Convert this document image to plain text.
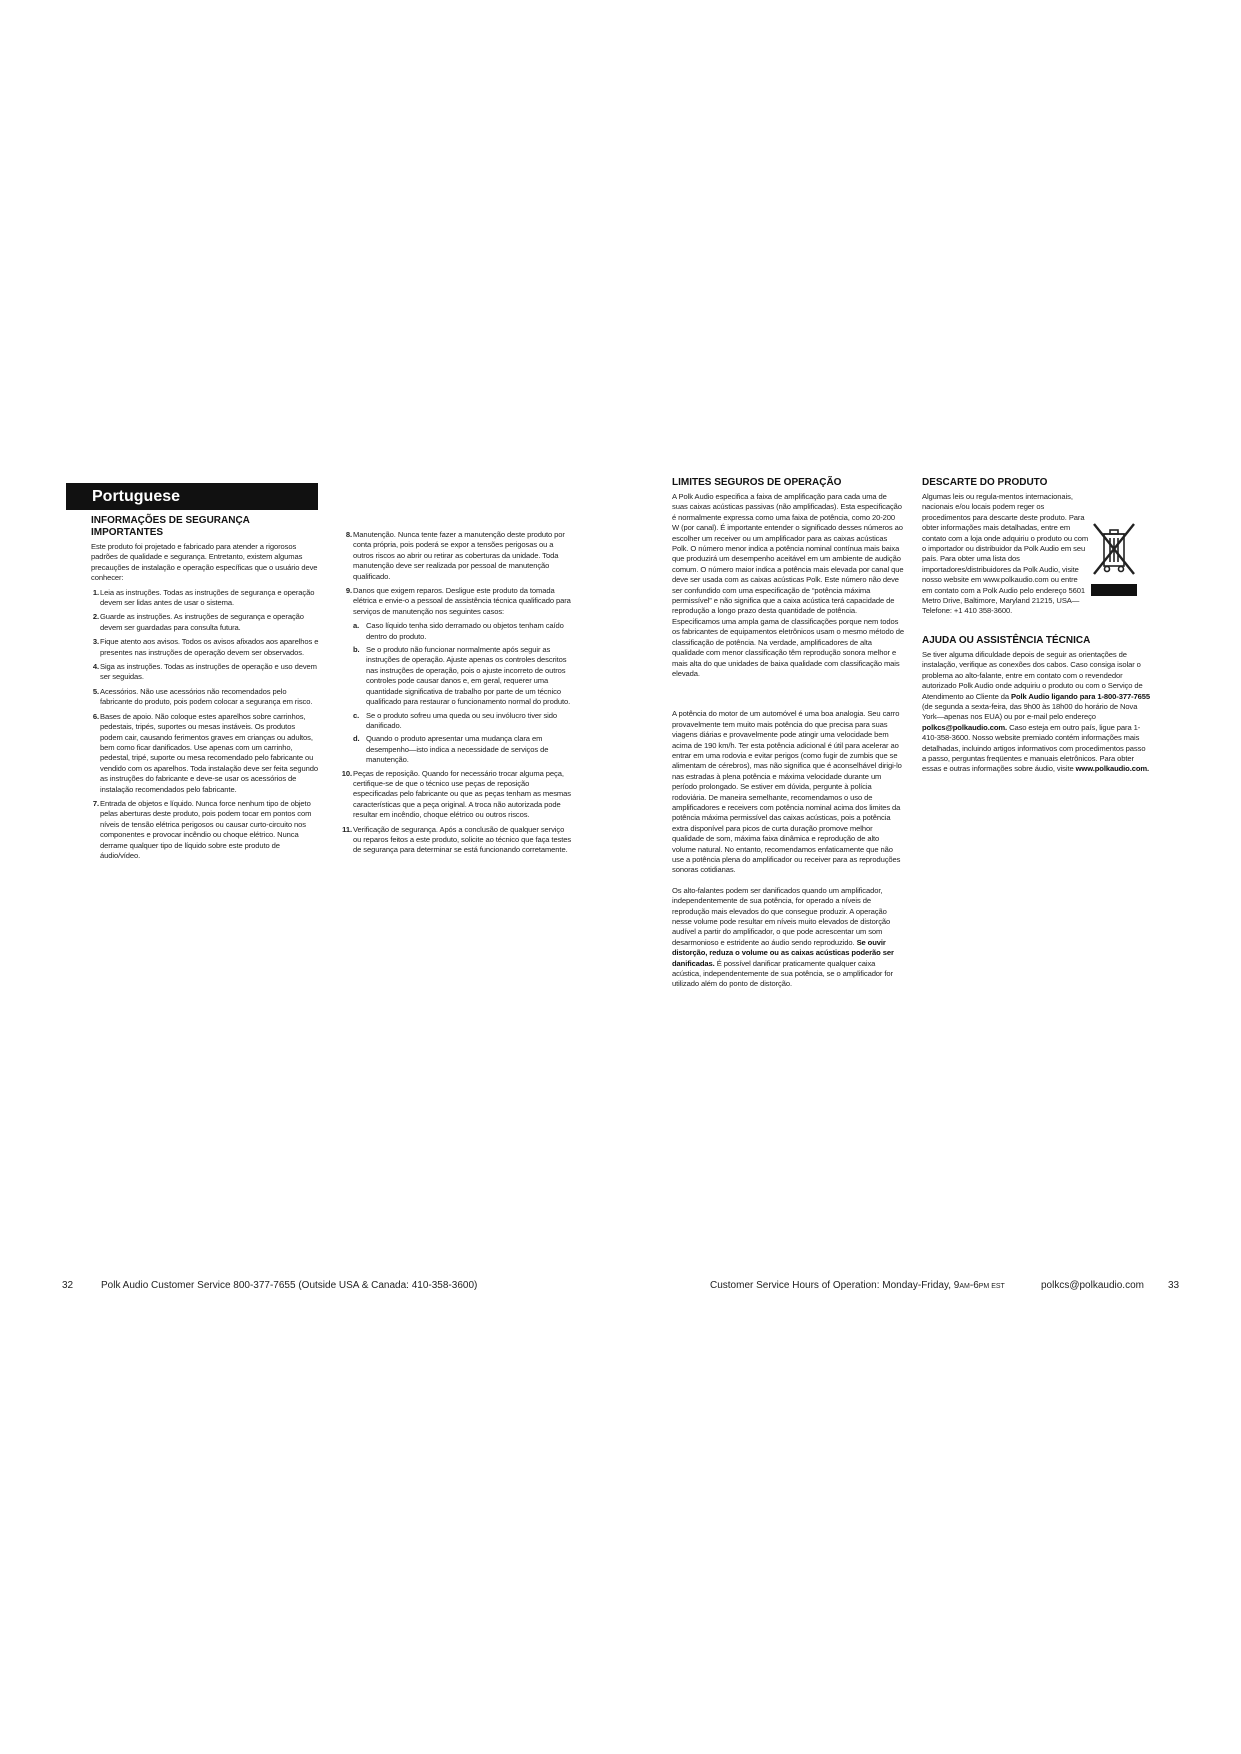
Portuguese
INFORMAÇÕES DE SEGURANÇA IMPORTANTES

Este produto foi projetado e fabricado para atender a rigorosos padrões de qualidade e segurança. Entretanto, existem algumas precauções de instalação e operação específicas que o usuário deve conhecer:

1. Leia as instruções. Todas as instruções de segurança e operação devem ser lidas antes de usar o sistema.
2. Guarde as instruções. As instruções de segurança e operação devem ser guardadas para consulta futura.
3. Fique atento aos avisos. Todos os avisos afixados aos aparelhos e presentes nas instruções de operação devem ser observados.
4. Siga as instruções. Todas as instruções de operação e uso devem ser seguidas.
5. Acessórios. Não use acessórios não recomendados pelo fabricante do produto, pois podem colocar a segurança em risco.
6. Bases de apoio. Não coloque estes aparelhos sobre carrinhos, pedestais, tripés, suportes ou mesas instáveis. Os produtos podem cair, causando ferimentos graves em crianças ou adultos, bem como ficar danificados. Use apenas com um carrinho, pedestal, tripé, suporte ou mesa recomendado pelo fabricante ou vendido com os aparelhos. Toda instalação deve ser feita segundo as instruções do fabricante e deve-se usar os acessórios de instalação recomendados pelo fabricante.
7. Entrada de objetos e líquido. Nunca force nenhum tipo de objeto pelas aberturas deste produto, pois podem tocar em pontos com níveis de tensão elétrica perigosos ou causar curto-circuito nos componentes e provocar incêndio ou choque elétrico. Nunca derrame qualquer tipo de líquido sobre este produto de áudio/vídeo.
8. Manutenção. Nunca tente fazer a manutenção deste produto por conta própria, pois poderá se expor a tensões perigosas ou a outros riscos ao abrir ou retirar as coberturas da unidade. Toda manutenção deve ser realizada por pessoal de manutenção qualificado.
9. Danos que exigem reparos. Desligue este produto da tomada elétrica e envie-o a pessoal de assistência técnica qualificado para serviços de manutenção nos seguintes casos:
a. Caso líquido tenha sido derramado ou objetos tenham caído dentro do produto.
b. Se o produto não funcionar normalmente após seguir as instruções de operação. Ajuste apenas os controles descritos nas instruções de operação, pois o ajuste incorreto de outros controles pode causar danos e, em geral, requerer uma quantidade significativa de trabalho por parte de um técnico qualificado para restaurar o funcionamento normal do produto.
c. Se o produto sofreu uma queda ou seu invólucro tiver sido danificado.
d. Quando o produto apresentar uma mudança clara em desempenho—isto indica a necessidade de serviços de manutenção.
10. Peças de reposição. Quando for necessário trocar alguma peça, certifique-se de que o técnico use peças de reposição especificadas pelo fabricante ou que as peças tenham as mesmas características que a peça original. A troca não autorizada pode resultar em incêndio, choque elétrico ou outros riscos.
11. Verificação de segurança. Após a conclusão de qualquer serviço ou reparos feitos a este produto, solicite ao técnico que faça testes de segurança para determinar se está funcionando corretamente.
LIMITES SEGUROS DE OPERAÇÃO

A Polk Audio especifica a faixa de amplificação para cada uma de suas caixas acústicas passivas (não amplificadas). Esta especificação é normalmente expressa como uma faixa de potência, como 20-200 W (por canal). É importante entender o significado desses números ao escolher um receiver ou um amplificador para as caixas acústicas Polk. O número menor indica a potência nominal contínua mais baixa que produzirá um desempenho aceitável em um ambiente de audição comum. O número maior indica a potência mais elevada por canal que deve ser usada com as caixas acústicas Polk. Este número não deve ser confundido com uma especificação de “potência máxima permissível” e não significa que a caixa acústica terá capacidade de reprodução a longo prazo desta quantidade de potência. Especificamos uma ampla gama de classificações porque nem todos os fabricantes de equipamentos eletrônicos usam o mesmo método de classificação de potência. Na verdade, amplificadores de alta qualidade com menor classificação têm reprodução sonora melhor e mais alta do que unidades de baixa qualidade com classificação mais elevada.

A potência do motor de um automóvel é uma boa analogia. Seu carro provavelmente tem muito mais potência do que precisa para suas viagens diárias e provavelmente pode atingir uma velocidade bem acima de 190 km/h. Ter esta potência adicional é útil para acelerar ao entrar em uma rodovia e evitar perigos (como fugir de zumbis que se alimentam de cérebros), mas não significa que é aconselhável dirigi-lo nas estradas à plena potência e máxima velocidade durante um período prolongado. Se estiver em dúvida, pergunte à polícia rodoviária. De maneira semelhante, recomendamos o uso de amplificadores e receivers com potência nominal acima dos limites da potência máxima permissível das caixas acústicas, pois a potência extra disponível para picos de curta duração promove melhor qualidade de som, máxima faixa dinâmica e reprodução de alto volume natural. No entanto, recomendamos enfaticamente que não use a potência plena do amplificador ou receiver para as reproduções sonoras cotidianas.

Os alto-falantes podem ser danificados quando um amplificador, independentemente de sua potência, for operado a níveis de reprodução mais elevados do que consegue produzir. A operação nesse volume pode resultar em níveis muito elevados de distorção audível a partir do amplificador, o que pode acrescentar um som desarmonioso e estridente ao áudio sendo reproduzido. Se ouvir distorção, reduza o volume ou as caixas acústicas poderão ser danificadas. É possível danificar praticamente qualquer caixa acústica, independentemente de sua potência, se o amplificador for utilizado além do ponto de distorção.

DESCARTE DO PRODUTO

Algumas leis ou regula-mentos internacionais, nacionais e/ou locais podem reger os procedimentos para descarte deste produto. Para obter informações mais detalhadas, entre em contato com a loja onde adquiriu o produto ou com o importador ou distribuidor da Polk Audio em seu país. Para obter uma lista dos importadores/distribuidores da Polk Audio, visite nosso website em www.polkaudio.com ou entre em contato com a Polk Audio pelo endereço 5601 Metro Drive, Baltimore, Maryland 21215, USA—Telefone: +1 410 358-3600.

AJUDA OU ASSISTÊNCIA TÉCNICA

Se tiver alguma dificuldade depois de seguir as orientações de instalação, verifique as conexões dos cabos. Caso consiga isolar o problema ao alto-falante, entre em contato com o revendedor autorizado Polk Audio onde adquiriu o produto ou com o Serviço de Atendimento ao Cliente da Polk Audio ligando para 1-800-377-7655 (de segunda a sexta-feira, das 9h00 às 18h00 do horário de Nova York—apenas nos EUA) ou por e-mail pelo endereço polkcs@polkaudio.com. Caso esteja em outro país, ligue para 1-410-358-3600. Nosso website premiado contém informações mais detalhadas, incluindo artigos informativos com procedimentos passo a passo, perguntas freqüentes e manuais eletrônicos. Para obter essas e outras informações sobre áudio, visite www.polkaudio.com.

32	Polk Audio Customer Service 800-377-7655 (Outside USA & Canada: 410-358-3600)	Customer Service Hours of Operation: Monday-Friday, 9AM-6PM EST	polkcs@polkaudio.com 33
